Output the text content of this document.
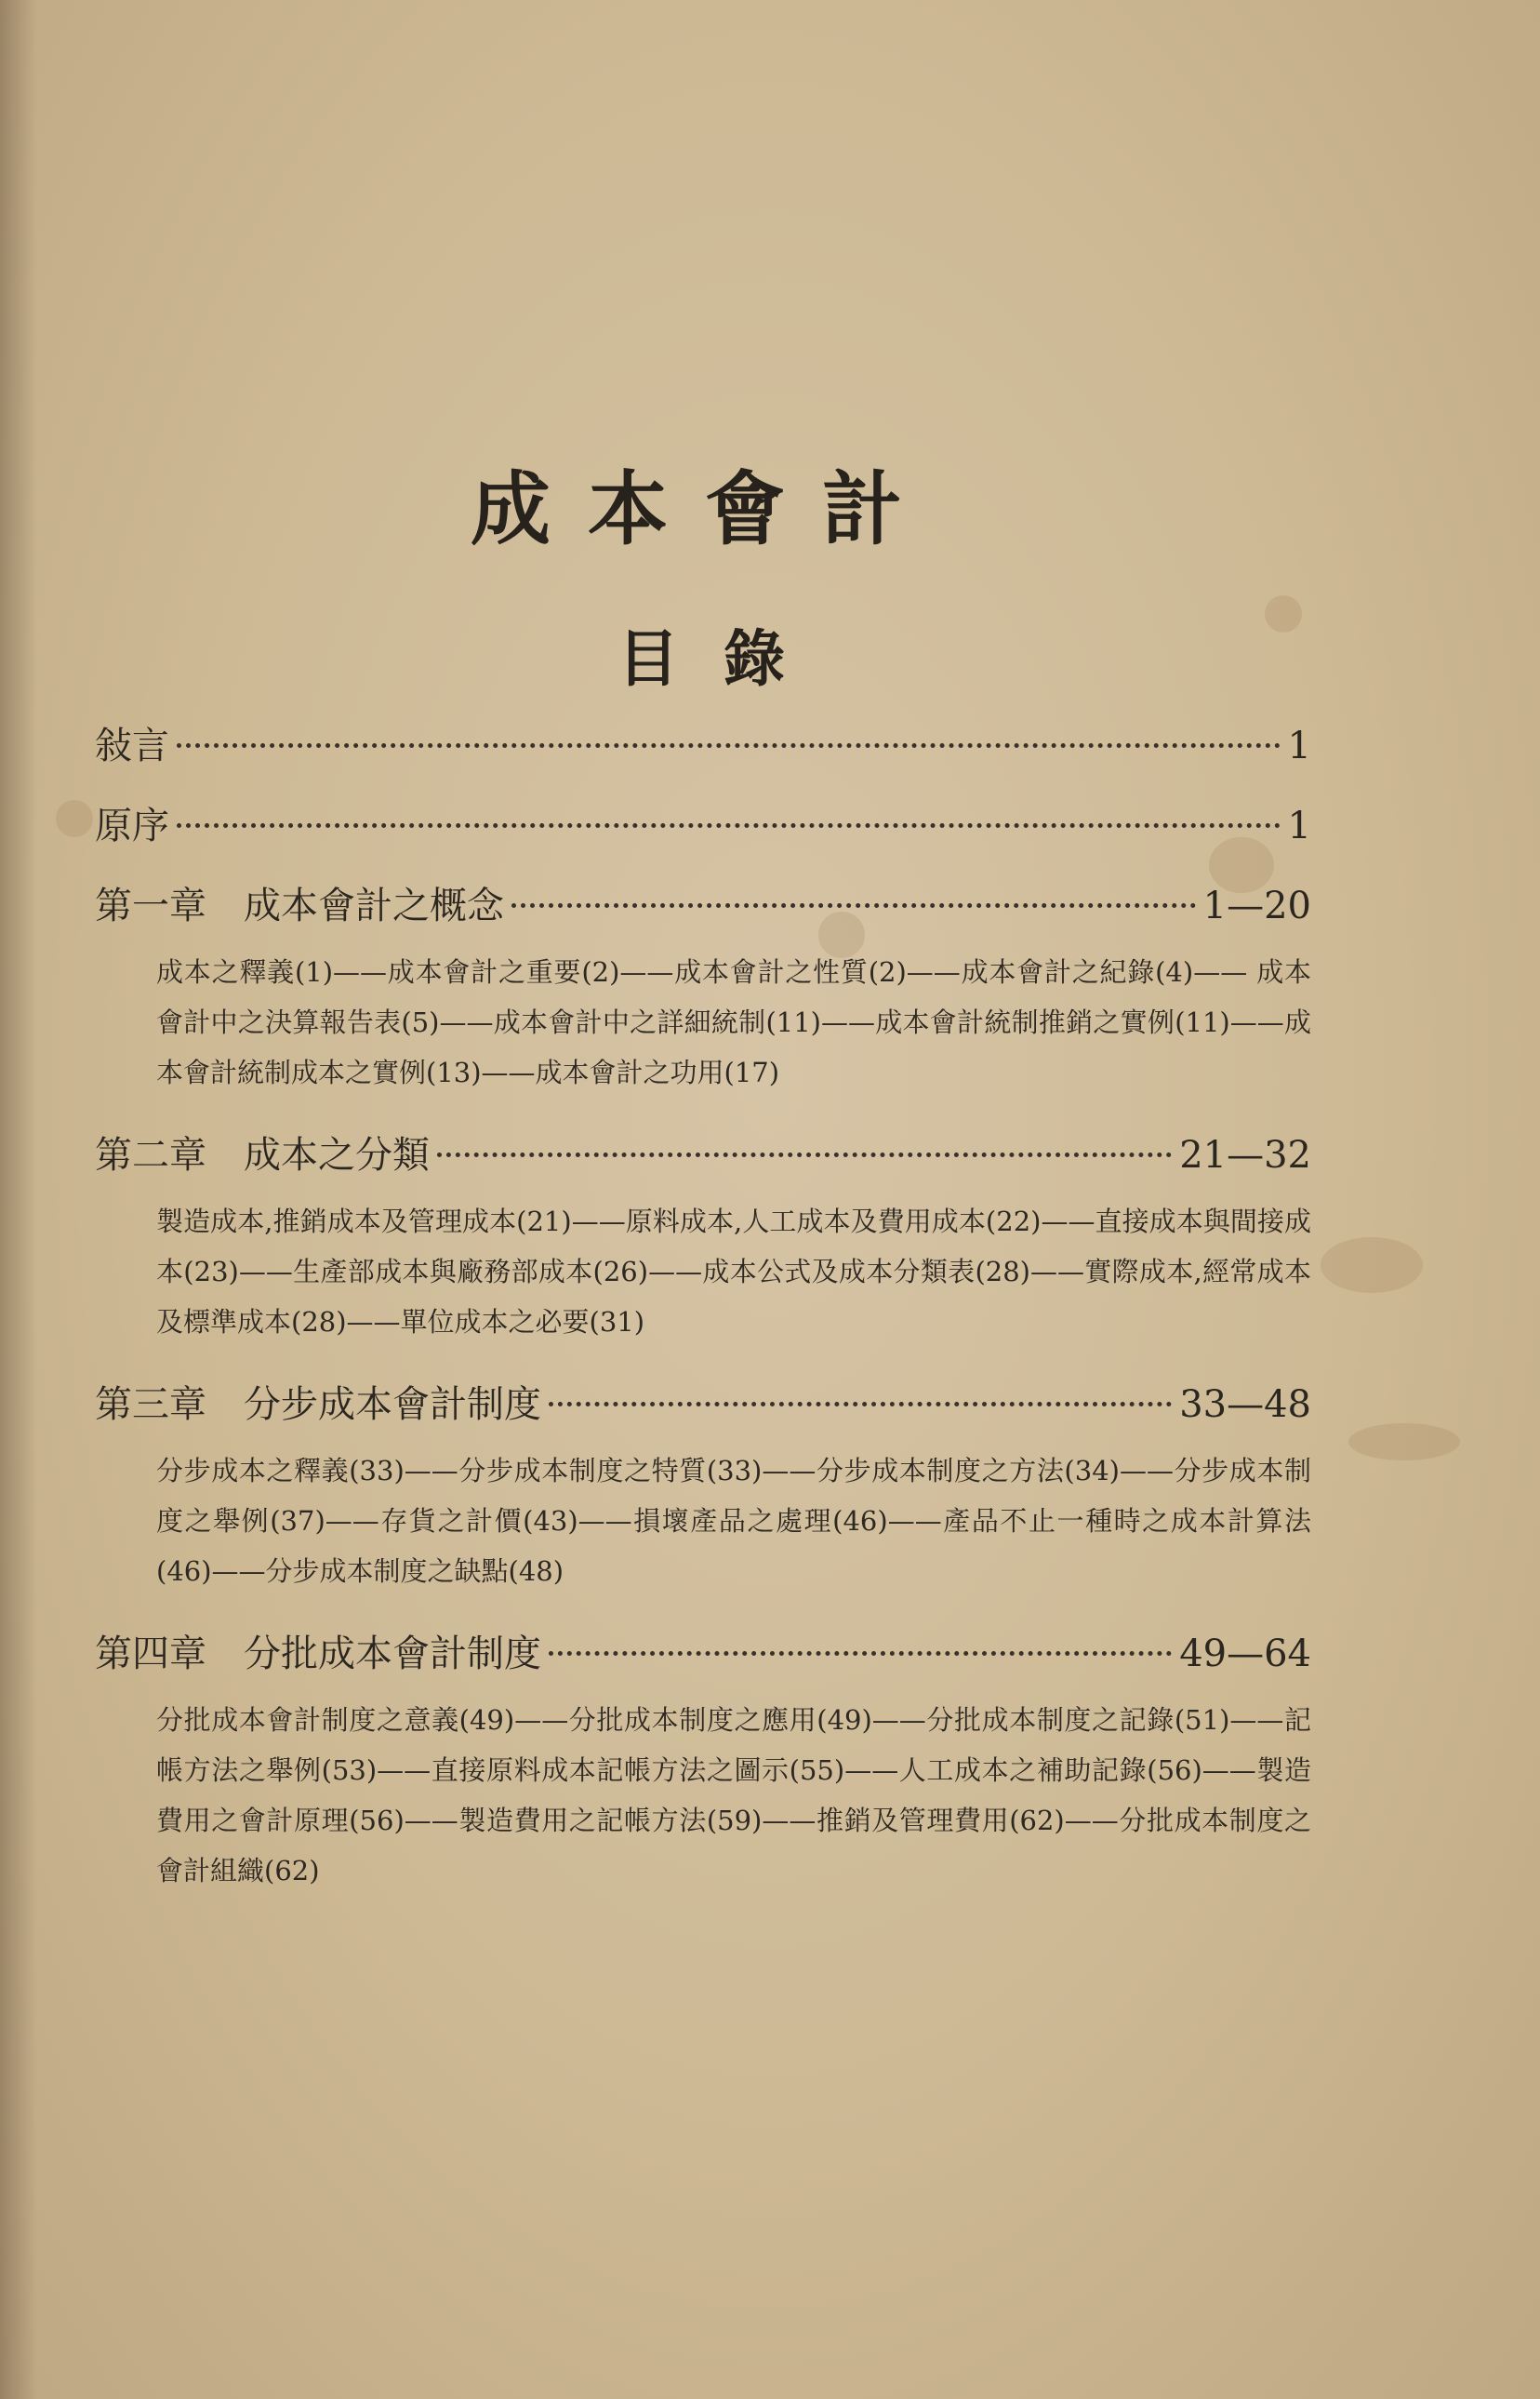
成本會計
目錄
敍言	1
原序	1
第一章 成本會計之概念	1—20
成本之釋義(1)——成本會計之重要(2)——成本會計之性質(2)——成本會計之紀錄(4)—— 成本會計中之決算報告表(5)——成本會計中之詳細統制(11)——成本會計統制推銷之實例(11)——成本會計統制成本之實例(13)——成本會計之功用(17)
第二章 成本之分類	21—32
製造成本,推銷成本及管理成本(21)——原料成本,人工成本及費用成本(22)——直接成本與間接成本(23)——生產部成本與廠務部成本(26)——成本公式及成本分類表(28)——實際成本,經常成本及標準成本(28)——單位成本之必要(31)
第三章 分步成本會計制度	33—48
分步成本之釋義(33)——分步成本制度之特質(33)——分步成本制度之方法(34)——分步成本制度之舉例(37)——存貨之計價(43)——損壞產品之處理(46)——產品不止一種時之成本計算法(46)——分步成本制度之缺點(48)
第四章 分批成本會計制度	49—64
分批成本會計制度之意義(49)——分批成本制度之應用(49)——分批成本制度之記錄(51)——記帳方法之舉例(53)——直接原料成本記帳方法之圖示(55)——人工成本之補助記錄(56)——製造費用之會計原理(56)——製造費用之記帳方法(59)——推銷及管理費用(62)——分批成本制度之會計組織(62)
